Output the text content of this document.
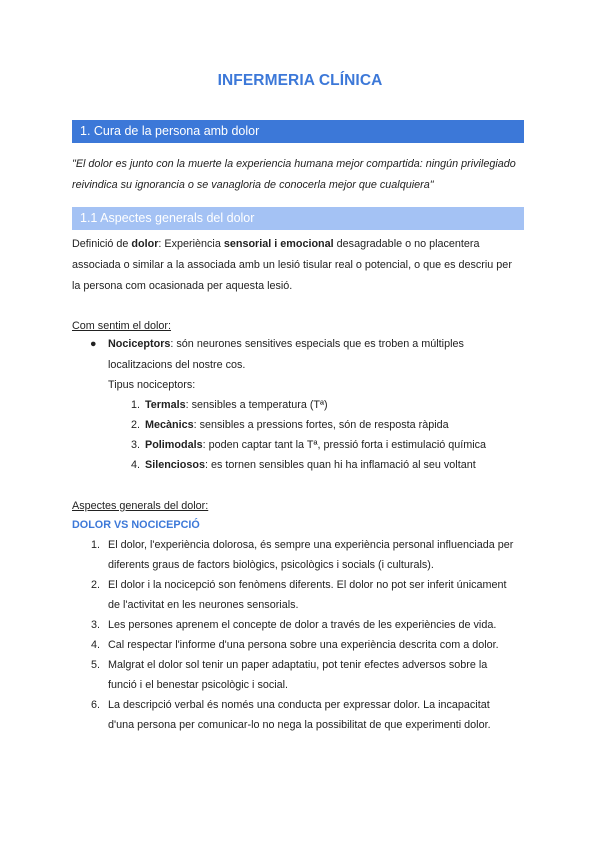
INFERMERIA CLÍNICA
1. Cura de la persona amb dolor
"El dolor es junto con la muerte la experiencia humana mejor compartida: ningún privilegiado
reivindica su ignorancia o se vanagloria de conocerla mejor que cualquiera"
1.1 Aspectes generals del dolor
Definició de dolor: Experiència sensorial i emocional desagradable o no placentera
associada o similar a la associada amb un lesió tisular real o potencial, o que es descriu per
la persona com ocasionada per aquesta lesió.
Com sentim el dolor:
● Nociceptors: són neurones sensitives especials que es troben a múltiples
localitzacions del nostre cos.
Tipus nociceptors:
1. Termals: sensibles a temperatura (Tª)
2. Mecànics: sensibles a pressions fortes, són de resposta ràpida
3. Polimodals: poden captar tant la Tª, pressió forta i estimulació química
4. Silenciosos: es tornen sensibles quan hi ha inflamació al seu voltant
Aspectes generals del dolor:
DOLOR VS NOCICEPCIÓ
1. El dolor, l'experiència dolorosa, és sempre una experiència personal influenciada per
diferents graus de factors biològics, psicològics i socials (i culturals).
2. El dolor i la nocicepció son fenòmens diferents. El dolor no pot ser inferit únicament
de l'activitat en les neurones sensorials.
3. Les persones aprenem el concepte de dolor a través de les experiències de vida.
4. Cal respectar l'informe d'una persona sobre una experiència descrita com a dolor.
5. Malgrat el dolor sol tenir un paper adaptatiu, pot tenir efectes adversos sobre la
funció i el benestar psicològic i social.
6. La descripció verbal és només una conducta per expressar dolor. La incapacitat
d'una persona per comunicar-lo no nega la possibilitat de que experimenti dolor.
